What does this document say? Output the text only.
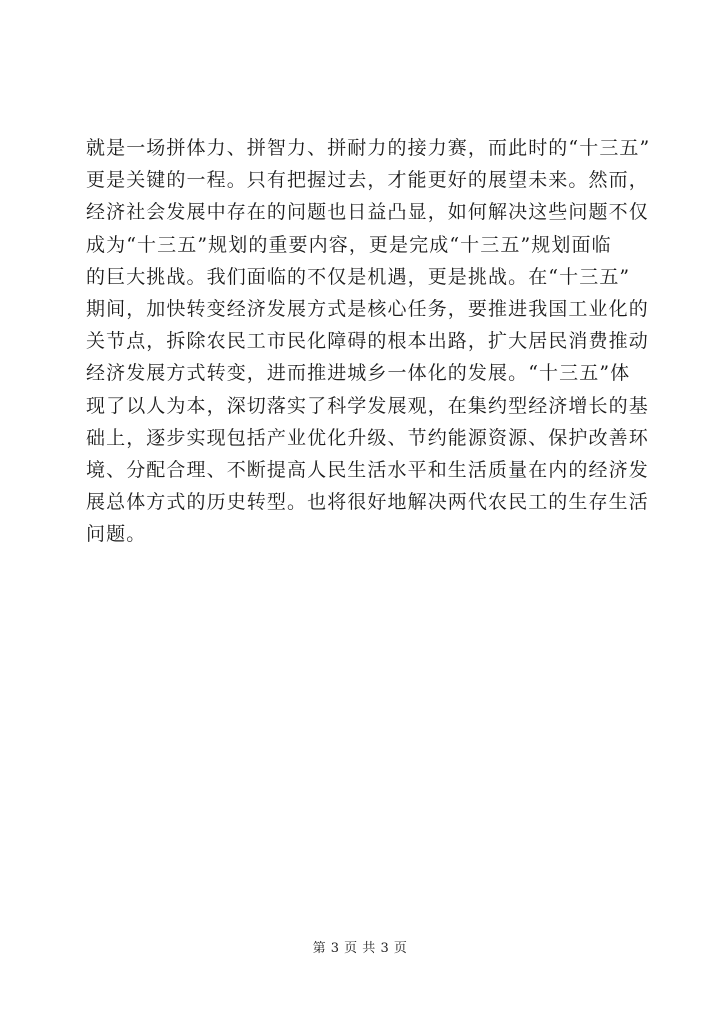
就是一场拼体力、拼智力、拼耐力的接力赛，而此时的“十三五”
更是关键的一程。只有把握过去，才能更好的展望未来。然而，
经济社会发展中存在的问题也日益凸显，如何解决这些问题不仅
成为“十三五”规划的重要内容，更是完成“十三五”规划面临
的巨大挑战。我们面临的不仅是机遇，更是挑战。在“十三五”
期间，加快转变经济发展方式是核心任务，要推进我国工业化的
关节点，拆除农民工市民化障碍的根本出路，扩大居民消费推动
经济发展方式转变，进而推进城乡一体化的发展。“十三五”体
现了以人为本，深切落实了科学发展观，在集约型经济增长的基
础上，逐步实现包括产业优化升级、节约能源资源、保护改善环
境、分配合理、不断提高人民生活水平和生活质量在内的经济发
展总体方式的历史转型。也将很好地解决两代农民工的生存生活
问题。
第 3 页 共 3 页
